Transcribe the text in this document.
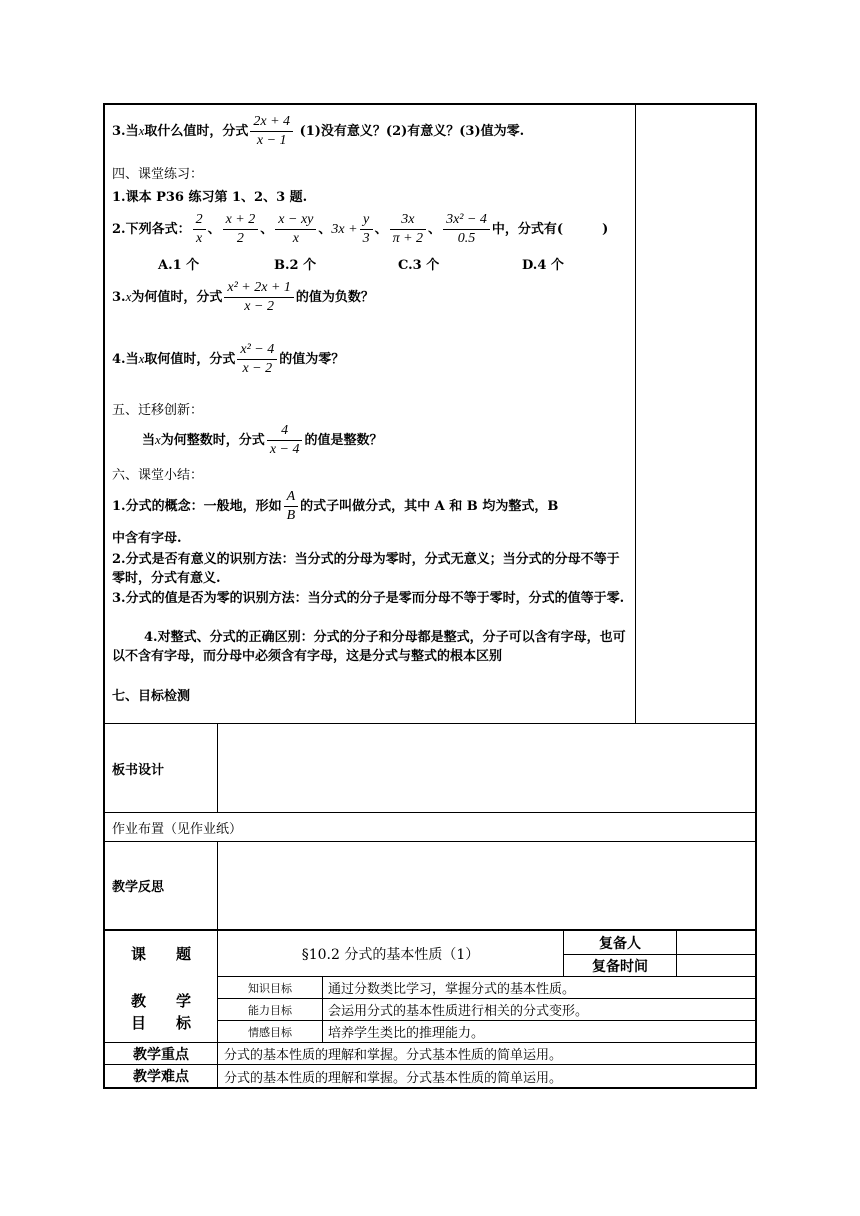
3.当x取什么值时，分式 $\frac{2x + 4}{x - 1} (1)$没有意义？(2)有意义？(3)值为零.
四、课堂练习：
1.课本 P36 练习第 1、2、3 题.
2.下列各式： $\frac{2}{x}$ 、 $\frac{x + 2}{2}$ 、 $\frac{x - xy}{x}$ 、$3x + \frac{y}{3}$ 、 $\frac{3x}{\pi + 2}$ 、 $\frac{\text{3x² − 4}}{0.5}$ 中，分式有(　　　)
A.1 个	B.2 个	C.3 个	D.4 个
3.x为何值时，分式 $\frac{\text{x² + 2x + 1}}{x - 2}$ 的值为负数？
4.当x取何值时，分式 $\frac{\text{x² − 4}}{x - 2}$ 的值为零？
五、迁移创新：
当x为何整数时，分式 $\frac{4}{x - 4}$ 的值是整数？
六、课堂小结：
1.分式的概念：一般地，形如 $\frac{A}{B}$ 的式子叫做分式，其中 A 和 B 均为整式，B
中含有字母.
2.分式是否有意义的识别方法：当分式的分母为零时，分式无意义；当分式的分母不等于零时，分式有意义.
3.分式的值是否为零的识别方法：当分式的分子是零而分母不等于零时，分式的值等于零.
4.对整式、分式的正确区别：分式的分子和分母都是整式，分子可以含有字母，也可以不含有字母，而分母中必须含有字母，这是分式与整式的根本区别
七、目标检测
板书设计
作业布置（见作业纸）
教学反思
课　　题	§10.2 分式的基本性质（1）
复备人
复备时间
教　　学
目　　标
知识目标	通过分数类比学习，掌握分式的基本性质。
能力目标	会运用分式的基本性质进行相关的分式变形。
情感目标	培养学生类比的推理能力。
教学重点	分式的基本性质的理解和掌握。分式基本性质的简单运用。
教学难点	分式的基本性质的理解和掌握。分式基本性质的简单运用。
